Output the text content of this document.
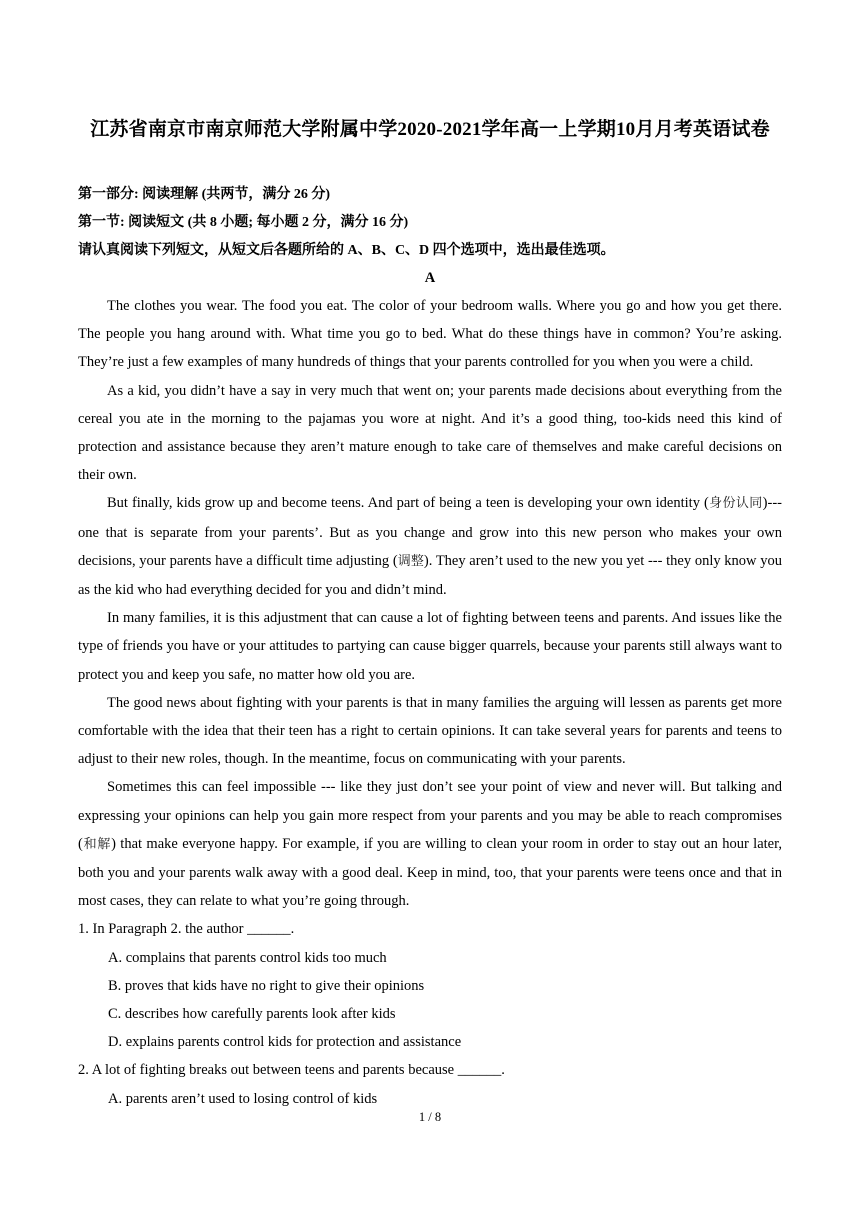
江苏省南京市南京师范大学附属中学2020-2021学年高一上学期10月月考英语试卷
第一部分: 阅读理解 (共两节，满分 26 分)
第一节: 阅读短文 (共 8 小题; 每小题 2 分，满分 16 分)
请认真阅读下列短文，从短文后各题所给的 A、B、C、D 四个选项中，选出最佳选项。
A

The clothes you wear. The food you eat. The color of your bedroom walls. Where you go and how you get there. The people you hang around with. What time you go to bed. What do these things have in common? You’re asking. They’re just a few examples of many hundreds of things that your parents controlled for you when you were a child.

As a kid, you didn’t have a say in very much that went on; your parents made decisions about everything from the cereal you ate in the morning to the pajamas you wore at night. And it’s a good thing, too-kids need this kind of protection and assistance because they aren’t mature enough to take care of themselves and make careful decisions on their own.

But finally, kids grow up and become teens. And part of being a teen is developing your own identity (身份认同)---one that is separate from your parents’. But as you change and grow into this new person who makes your own decisions, your parents have a difficult time adjusting (调整). They aren’t used to the new you yet --- they only know you as the kid who had everything decided for you and didn’t mind.

In many families, it is this adjustment that can cause a lot of fighting between teens and parents. And issues like the type of friends you have or your attitudes to partying can cause bigger quarrels, because your parents still always want to protect you and keep you safe, no matter how old you are.

The good news about fighting with your parents is that in many families the arguing will lessen as parents get more comfortable with the idea that their teen has a right to certain opinions. It can take several years for parents and teens to adjust to their new roles, though. In the meantime, focus on communicating with your parents.

Sometimes this can feel impossible --- like they just don’t see your point of view and never will. But talking and expressing your opinions can help you gain more respect from your parents and you may be able to reach compromises (和解) that make everyone happy. For example, if you are willing to clean your room in order to stay out an hour later, both you and your parents walk away with a good deal. Keep in mind, too, that your parents were teens once and that in most cases, they can relate to what you’re going through.

1. In Paragraph 2. the author ______.

A. complains that parents control kids too much

B. proves that kids have no right to give their opinions

C. describes how carefully parents look after kids

D. explains parents control kids for protection and assistance

2. A lot of fighting breaks out between teens and parents because ______.

A. parents aren’t used to losing control of kids

1 / 8
